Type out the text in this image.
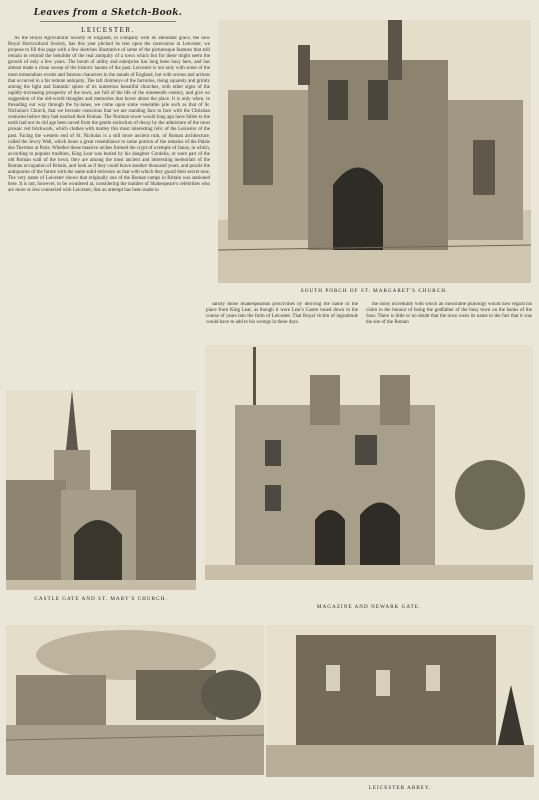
Leaves from a Sketch-Book.
LEICESTER.

As the Royal Agricultural Society of England, in company with its attendant grace, the now Royal Horticultural Society, has this year pitched its tent upon the racecourse at Leicester, we propose to fill this page with a few sketches illustrative of some of the picturesque features that still remain to remind the beholder of the real antiquity of a town which but for these might seem the growth of only a few years. The boom of utility and enterprise has long been busy here, and has almost made a clean sweep of the historic haunts of the past. Leicester is not only with some of the most tremendous events and famous characters in the annals of England, but with scenes and actions that occurred in a far remote antiquity. The tall chimneys of the factories, rising squarely and grimly among the light and fantastic spires of its numerous beautiful churches, with other signs of the rapidly-increasing prosperity of the town, are full of the life of the nineteenth century, and give no suggestion of the old-world thoughts and memories that hover about the place. It is only when, in threading our way through the by-lanes, we come upon some venerable pile such as that of St. Nicholas's Church, that we become conscious that we are standing face to face with the Christian centuries before they had reached their Roman. The Norman tower would long ago have fallen to the earth had not its old age been saved from the gentle extinction of decay by the admixture of the most prosaic red brickwork, which clothes with motley this most interesting relic of the Leicester of the past. Facing the western end of St. Nicholas is a still more ancient ruin, of Roman architecture, called the Jewry Wall, which bears a great resemblance to some portion of the remains of the Palais des Thermes at Paris. Whether these massive arches formed the crypt of a temple of Janus, in which, according to popular tradition, King Lear was buried by his daughter Cordelia, or were part of the old Roman wall of the town, they are among the most ancient and interesting memorials of the Roman occupation of Britain, and look as if they could brave another thousand years, and puzzle the antiquaries of the future with the same solid reticence as that with which they guard their secret now. The very name of Leicester shows that originally one of the Roman camps in Britain was stationed here. It is not, however, to be wondered at, considering the number of Shakespeare's celebrities who are more or less connected with Leicester, that an attempt has been made to

SOUTH PORCH OF ST. MARGARET'S CHURCH.

satisfy those Shakespearean proclivities by deriving the name of the place from King Lear, as though it were Lear's Castre toned down in the course of years into the form of Leicester. That Royal victim of ingratitude would have to add to his wrongs in these days

the stony incredulity with which an inexorable philology would now regard his claim to the honour of being the godfather of the busy town on the banks of the Soar. There is little or no doubt that the town owes its name to the fact that it was the site of the Roman

CASTLE GATE AND ST. MARY'S CHURCH.
MAGAZINE AND NEWARK GATE.
LEICESTER ABBEY.
